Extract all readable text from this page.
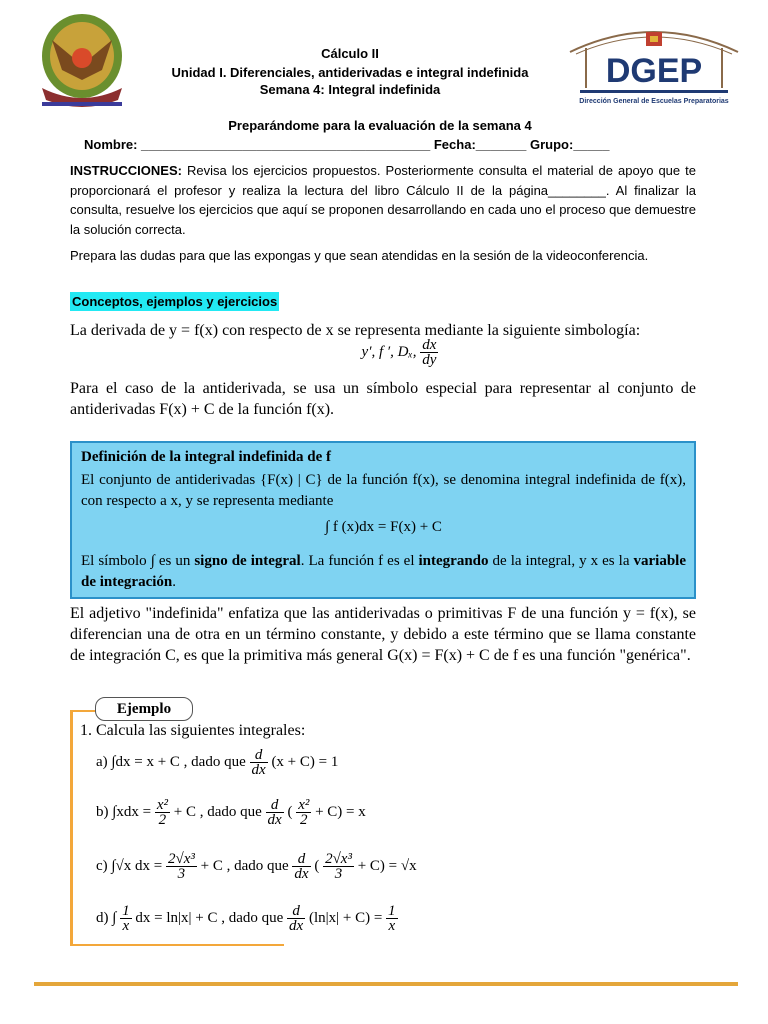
DGEP
Dirección General de Escuelas Preparatorias
Cálculo II
Unidad I. Diferenciales, antiderivadas e integral indefinida
Semana 4: Integral indefinida
Preparándome para la evaluación de la semana 4
Nombre: ________________________________________ Fecha:_______ Grupo:_____
INSTRUCCIONES: Revisa los ejercicios propuestos. Posteriormente consulta el material de apoyo que te proporcionará el profesor y realiza la lectura del libro Cálculo II de la página________. Al finalizar la consulta, resuelve los ejercicios que aquí se proponen desarrollando en cada uno el proceso que demuestre la solución correcta.
Prepara las dudas para que las expongas y que sean atendidas en la sesión de la videoconferencia.
Conceptos, ejemplos y ejercicios
La derivada de y = f(x) con respecto de x se representa mediante la siguiente simbología:
y′, f ′, Dₓ, $\frac{dx}{dy}$
Para el caso de la antiderivada, se usa un símbolo especial para representar al conjunto de antiderivadas F(x) + C de la función f(x).
Definición de la integral indefinida de f
El conjunto de antiderivadas {F(x) | C} de la función f(x), se denomina integral indefinida de f(x), con respecto a x, y se representa mediante
∫ f (x)dx = F(x) + C
El símbolo ∫ es un signo de integral. La función f es el integrando de la integral, y x es la variable de integración.
El adjetivo "indefinida" enfatiza que las antiderivadas o primitivas F de una función y = f(x), se diferencian una de otra en un término constante, y debido a este término que se llama constante de integración C, es que la primitiva más general G(x) = F(x) + C de f es una función "genérica".
Ejemplo
1. Calcula las siguientes integrales:
a) ∫dx = x + C , dado que $\frac{d}{dx} (x + C) = 1$
b) $\int xdx = \frac{\text{x²}}{2} + C$ , dado que $\frac{d}{dx}$ ( $\frac{\text{x²}}{2} + C) = x$
c) ∫√x dx = $\frac{\text{2√x³}}{3} + C$ , dado que $\frac{d}{dx}$ ( $\frac{\text{2√x³}}{3} + C) = √x$
d) ∫ $\frac{1}{x}$ dx = ln|x| + C , dado que $\frac{d}{dx} (\ln|x| + C) = \frac{1}{x}$
